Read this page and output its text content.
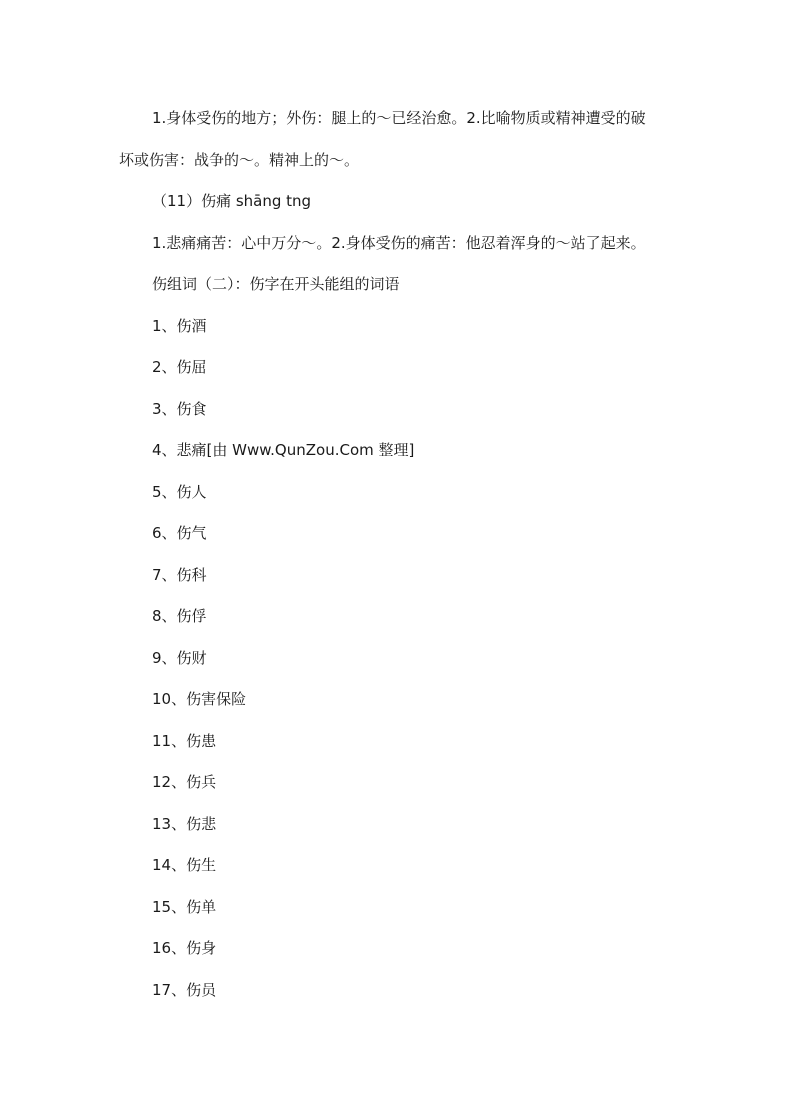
1.身体受伤的地方；外伤：腿上的～已经治愈。2.比喻物质或精神遭受的破
坏或伤害：战争的～。精神上的～。
（11）伤痛 shāng tng
1.悲痛痛苦：心中万分～。2.身体受伤的痛苦：他忍着浑身的～站了起来。
伤组词（二）：伤字在开头能组的词语
1、伤酒
2、伤屈
3、伤食
4、悲痛[由 Www.QunZou.Com 整理]
5、伤人
6、伤气
7、伤科
8、伤俘
9、伤财
10、伤害保险
11、伤患
12、伤兵
13、伤悲
14、伤生
15、伤单
16、伤身
17、伤员
